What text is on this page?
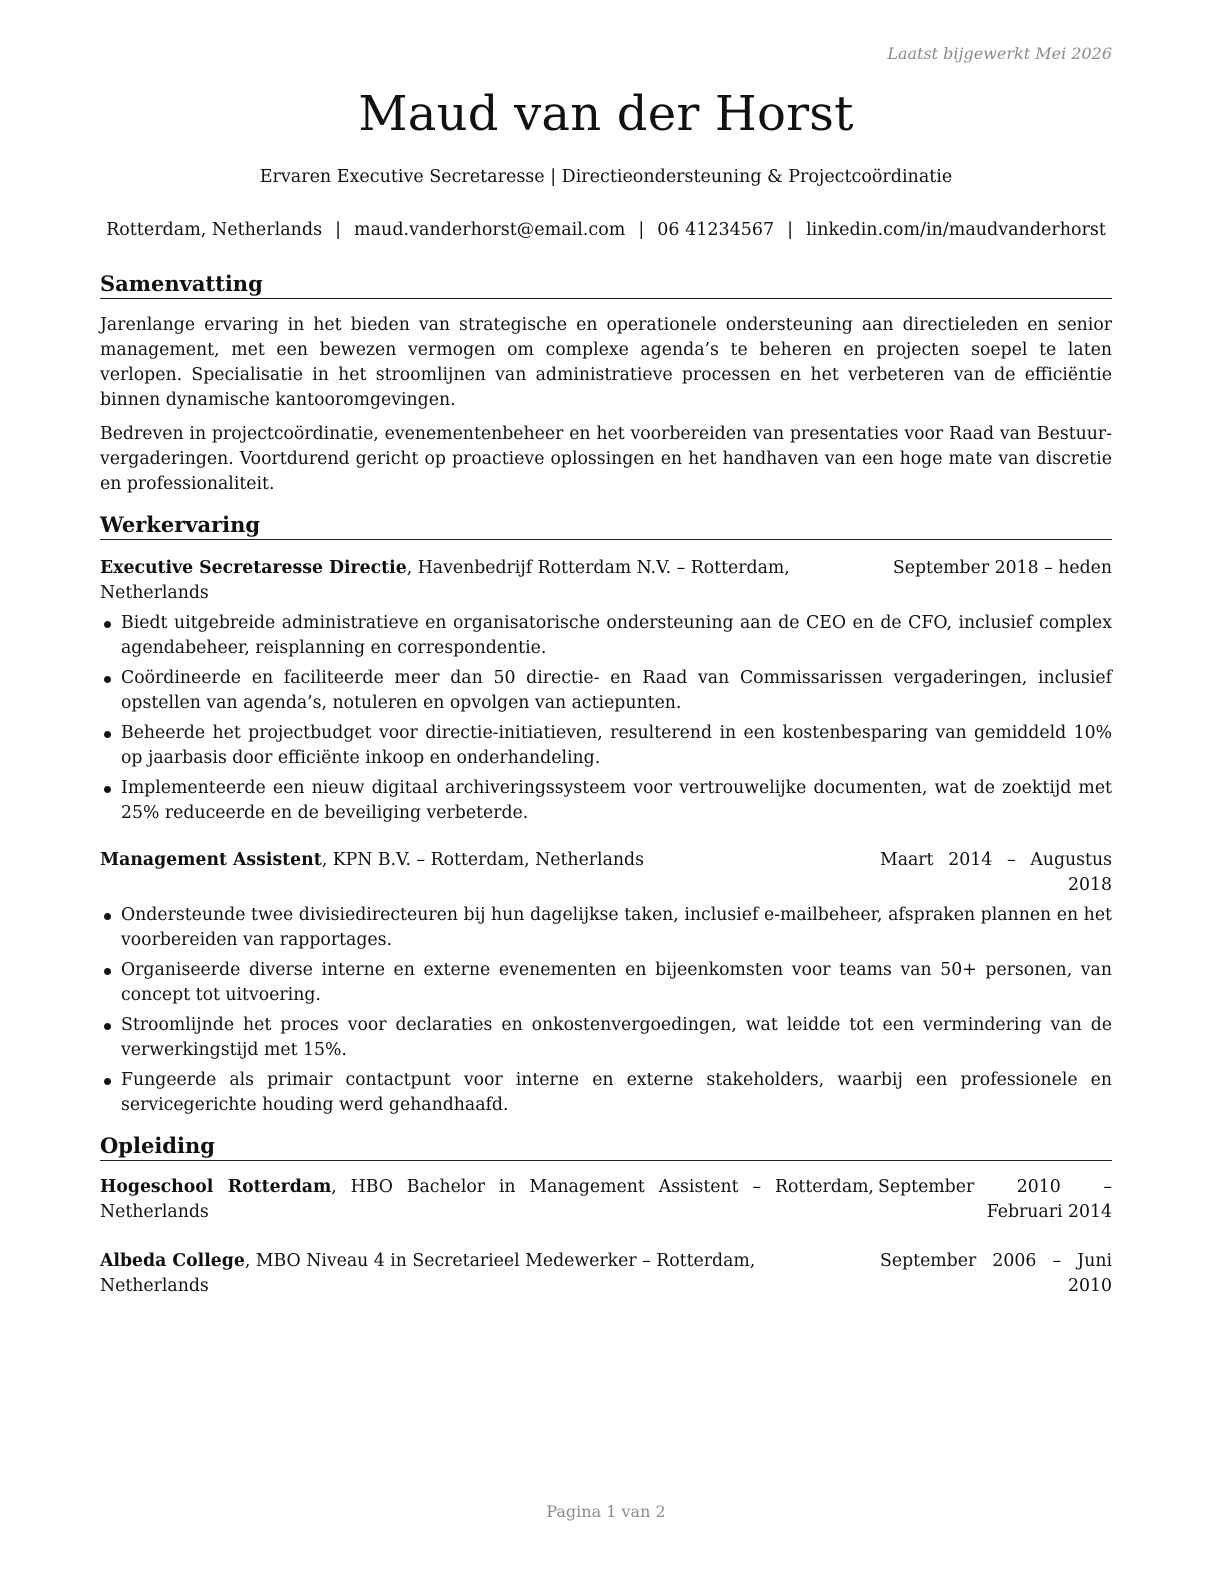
Laatst bijgewerkt Mei 2026
Maud van der Horst
Ervaren Executive Secretaresse | Directieondersteuning & Projectcoördinatie
Rotterdam, Netherlands | maud.vanderhorst@email.com | 06 41234567 | linkedin.com/in/maudvanderhorst
Samenvatting

Jarenlange ervaring in het bieden van strategische en operationele ondersteuning aan directieleden en senior management, met een bewezen vermogen om complexe agenda’s te beheren en projecten soepel te laten verlopen. Specialisatie in het stroomlijnen van administratieve processen en het verbeteren van de efficiëntie binnen dynamische kantooromgevingen.

Bedreven in projectcoördinatie, evenementenbeheer en het voorbereiden van presentaties voor Raad van Bestuur-vergaderingen. Voortdurend gericht op proactieve oplossingen en het handhaven van een hoge mate van discretie en professionaliteit.

Werkervaring
Executive Secretaresse Directie, Havenbedrijf Rotterdam N.V. – Rotterdam, Netherlands
September 2018 – heden
Biedt uitgebreide administratieve en organisatorische ondersteuning aan de CEO en de CFO, inclusief complex agendabeheer, reisplanning en correspondentie.
Coördineerde en faciliteerde meer dan 50 directie- en Raad van Commissarissen vergaderingen, inclusief opstellen van agenda’s, notuleren en opvolgen van actiepunten.
Beheerde het projectbudget voor directie-initiatieven, resulterend in een kostenbesparing van gemiddeld 10% op jaarbasis door efficiënte inkoop en onderhandeling.
Implementeerde een nieuw digitaal archiveringssysteem voor vertrouwelijke documenten, wat de zoektijd met 25% reduceerde en de beveiliging verbeterde.
Management Assistent, KPN B.V. – Rotterdam, Netherlands	Maart 2014 – Augustus 2018
Ondersteunde twee divisiedirecteuren bij hun dagelijkse taken, inclusief e-mailbeheer, afspraken plannen en het voorbereiden van rapportages.
Organiseerde diverse interne en externe evenementen en bijeenkomsten voor teams van 50+ personen, van concept tot uitvoering.
Stroomlijnde het proces voor declaraties en onkostenvergoedingen, wat leidde tot een vermindering van de verwerkingstijd met 15%.
Fungeerde als primair contactpunt voor interne en externe stakeholders, waarbij een professionele en servicegerichte houding werd gehandhaafd.
Opleiding
Hogeschool Rotterdam, HBO Bachelor in Management Assistent – Rotterdam, Netherlands
September 2010 – Februari 2014
Albeda College, MBO Niveau 4 in Secretarieel Medewerker – Rotterdam, Netherlands
September 2006 – Juni 2010
Pagina 1 van 2
